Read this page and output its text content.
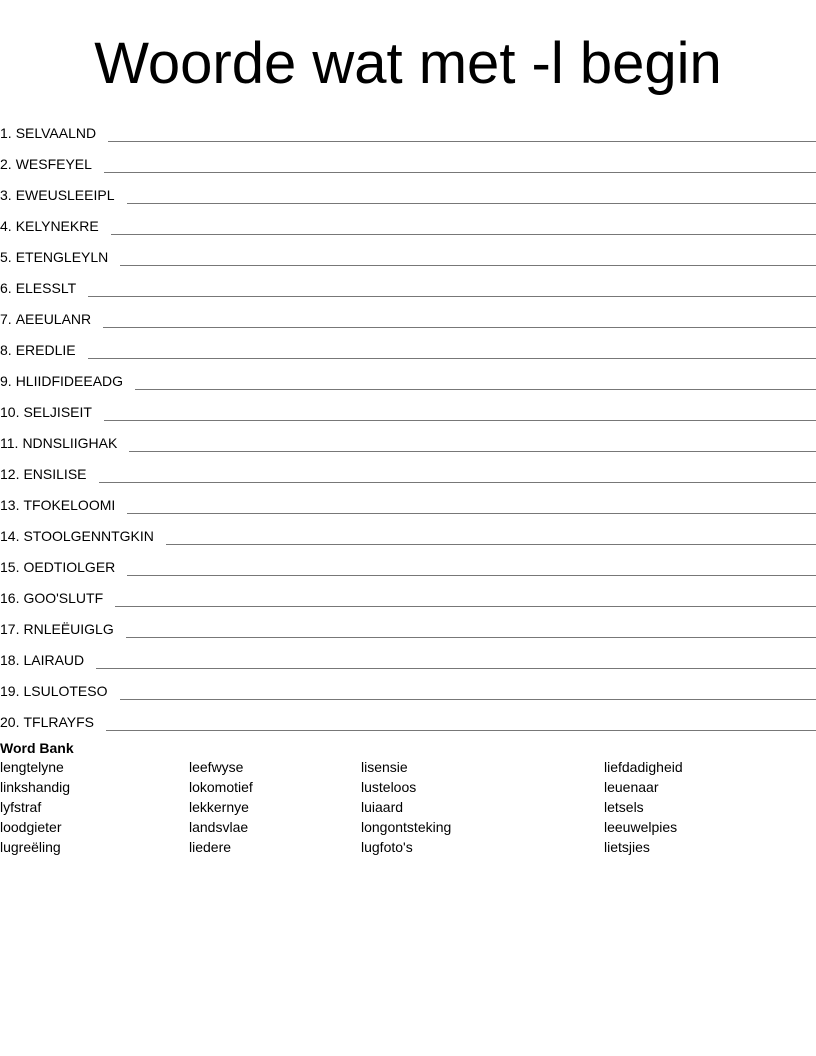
Woorde wat met -l begin
1. SELVAALND
2. WESFEYEL
3. EWEUSLEEIPL
4. KELYNEKRE
5. ETENGLEYLN
6. ELESSLT
7. AEEULANR
8. EREDLIE
9. HLIIDFIDEEADG
10. SELJISEIT
11. NDNSLIIGHAK
12. ENSILISE
13. TFOKELOOMI
14. STOOLGENNTGKIN
15. OEDTIOLGER
16. GOO'SLUTF
17. RNLEËUIGLG
18. LAIRAUD
19. LSULOTESO
20. TFLRAYFS

Word Bank

lengtelyne
linkshandig
lyfstraf
loodgieter
lugreëling
leefwyse
lokomotief
lekkernye
landsvlae
liedere
lisensie
lusteloos
luiaard
longontsteking
lugfoto's
liefdadigheid
leuenaar
letsels
leeuwelpies
lietsjies
